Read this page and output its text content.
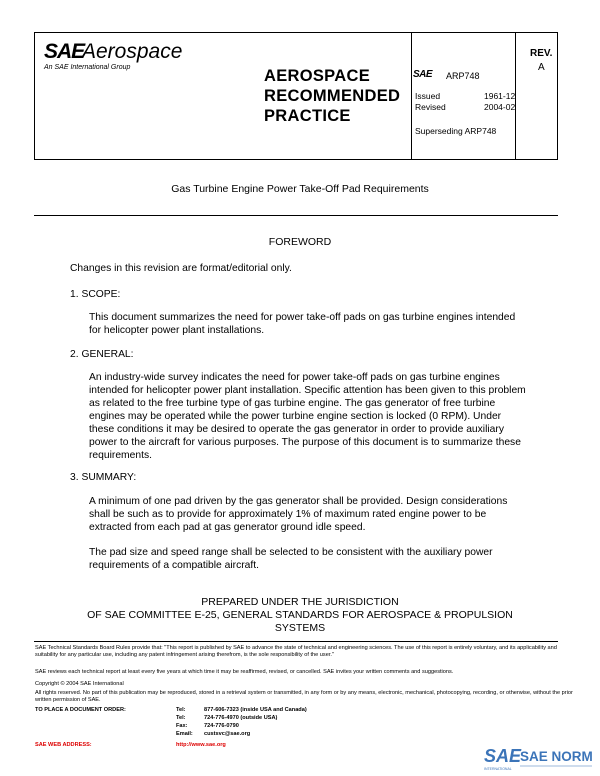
SAE
Aerospace
An SAE International Group	AEROSPACE
RECOMMENDED
PRACTICE
SAE ARP748
Issued	1961-12
Revised	2004-02
Superseding ARP748
REV.
A
Gas Turbine Engine Power Take-Off Pad Requirements
FOREWORD
Changes in this revision are format/editorial only.
1. SCOPE:
This document summarizes the need for power take-off pads on gas turbine engines intended for helicopter power plant installations.
2. GENERAL:
An industry-wide survey indicates the need for power take-off pads on gas turbine engines intended for helicopter power plant installation. Specific attention has been given to this problem as related to the free turbine type of gas turbine engine. The gas generator of free turbine engines may be operated while the power turbine engine section is locked (0 RPM). Under these conditions it may be desired to operate the gas generator in order to provide auxiliary power to the aircraft for various purposes. The purpose of this document is to summarize these requirements.
3. SUMMARY:
A minimum of one pad driven by the gas generator shall be provided. Design considerations shall be such as to provide for approximately 1% of maximum rated engine power to be extracted from each pad at gas generator ground idle speed.
The pad size and speed range shall be selected to be consistent with the auxiliary power requirements of a compatible aircraft.
PREPARED UNDER THE JURISDICTION
OF SAE COMMITTEE E-25, GENERAL STANDARDS FOR AEROSPACE & PROPULSION
SYSTEMS
SAE Technical Standards Board Rules provide that: "This report is published by SAE to advance the state of technical and engineering sciences. The use of this report is entirely voluntary, and its applicability and suitability for any particular use, including any patent infringement arising therefrom, is the sole responsibility of the user."
SAE reviews each technical report at least every five years at which time it may be reaffirmed, revised, or cancelled. SAE invites your written comments and suggestions.
Copyright © 2004 SAE International
All rights reserved. No part of this publication may be reproduced, stored in a retrieval system or transmitted, in any form or by any means, electronic, mechanical, photocopying, recording, or otherwise, without the prior written permission of SAE.
TO PLACE A DOCUMENT ORDER:	Tel:	877-606-7323 (inside USA and Canada)
Tel:	724-776-4970 (outside USA)
Fax:	724-776-0790
Email: custsvc@sae.org
SAE WEB ADDRESS:	http://www.sae.org
SAE
SAE NORM
INTERNATIONAL
